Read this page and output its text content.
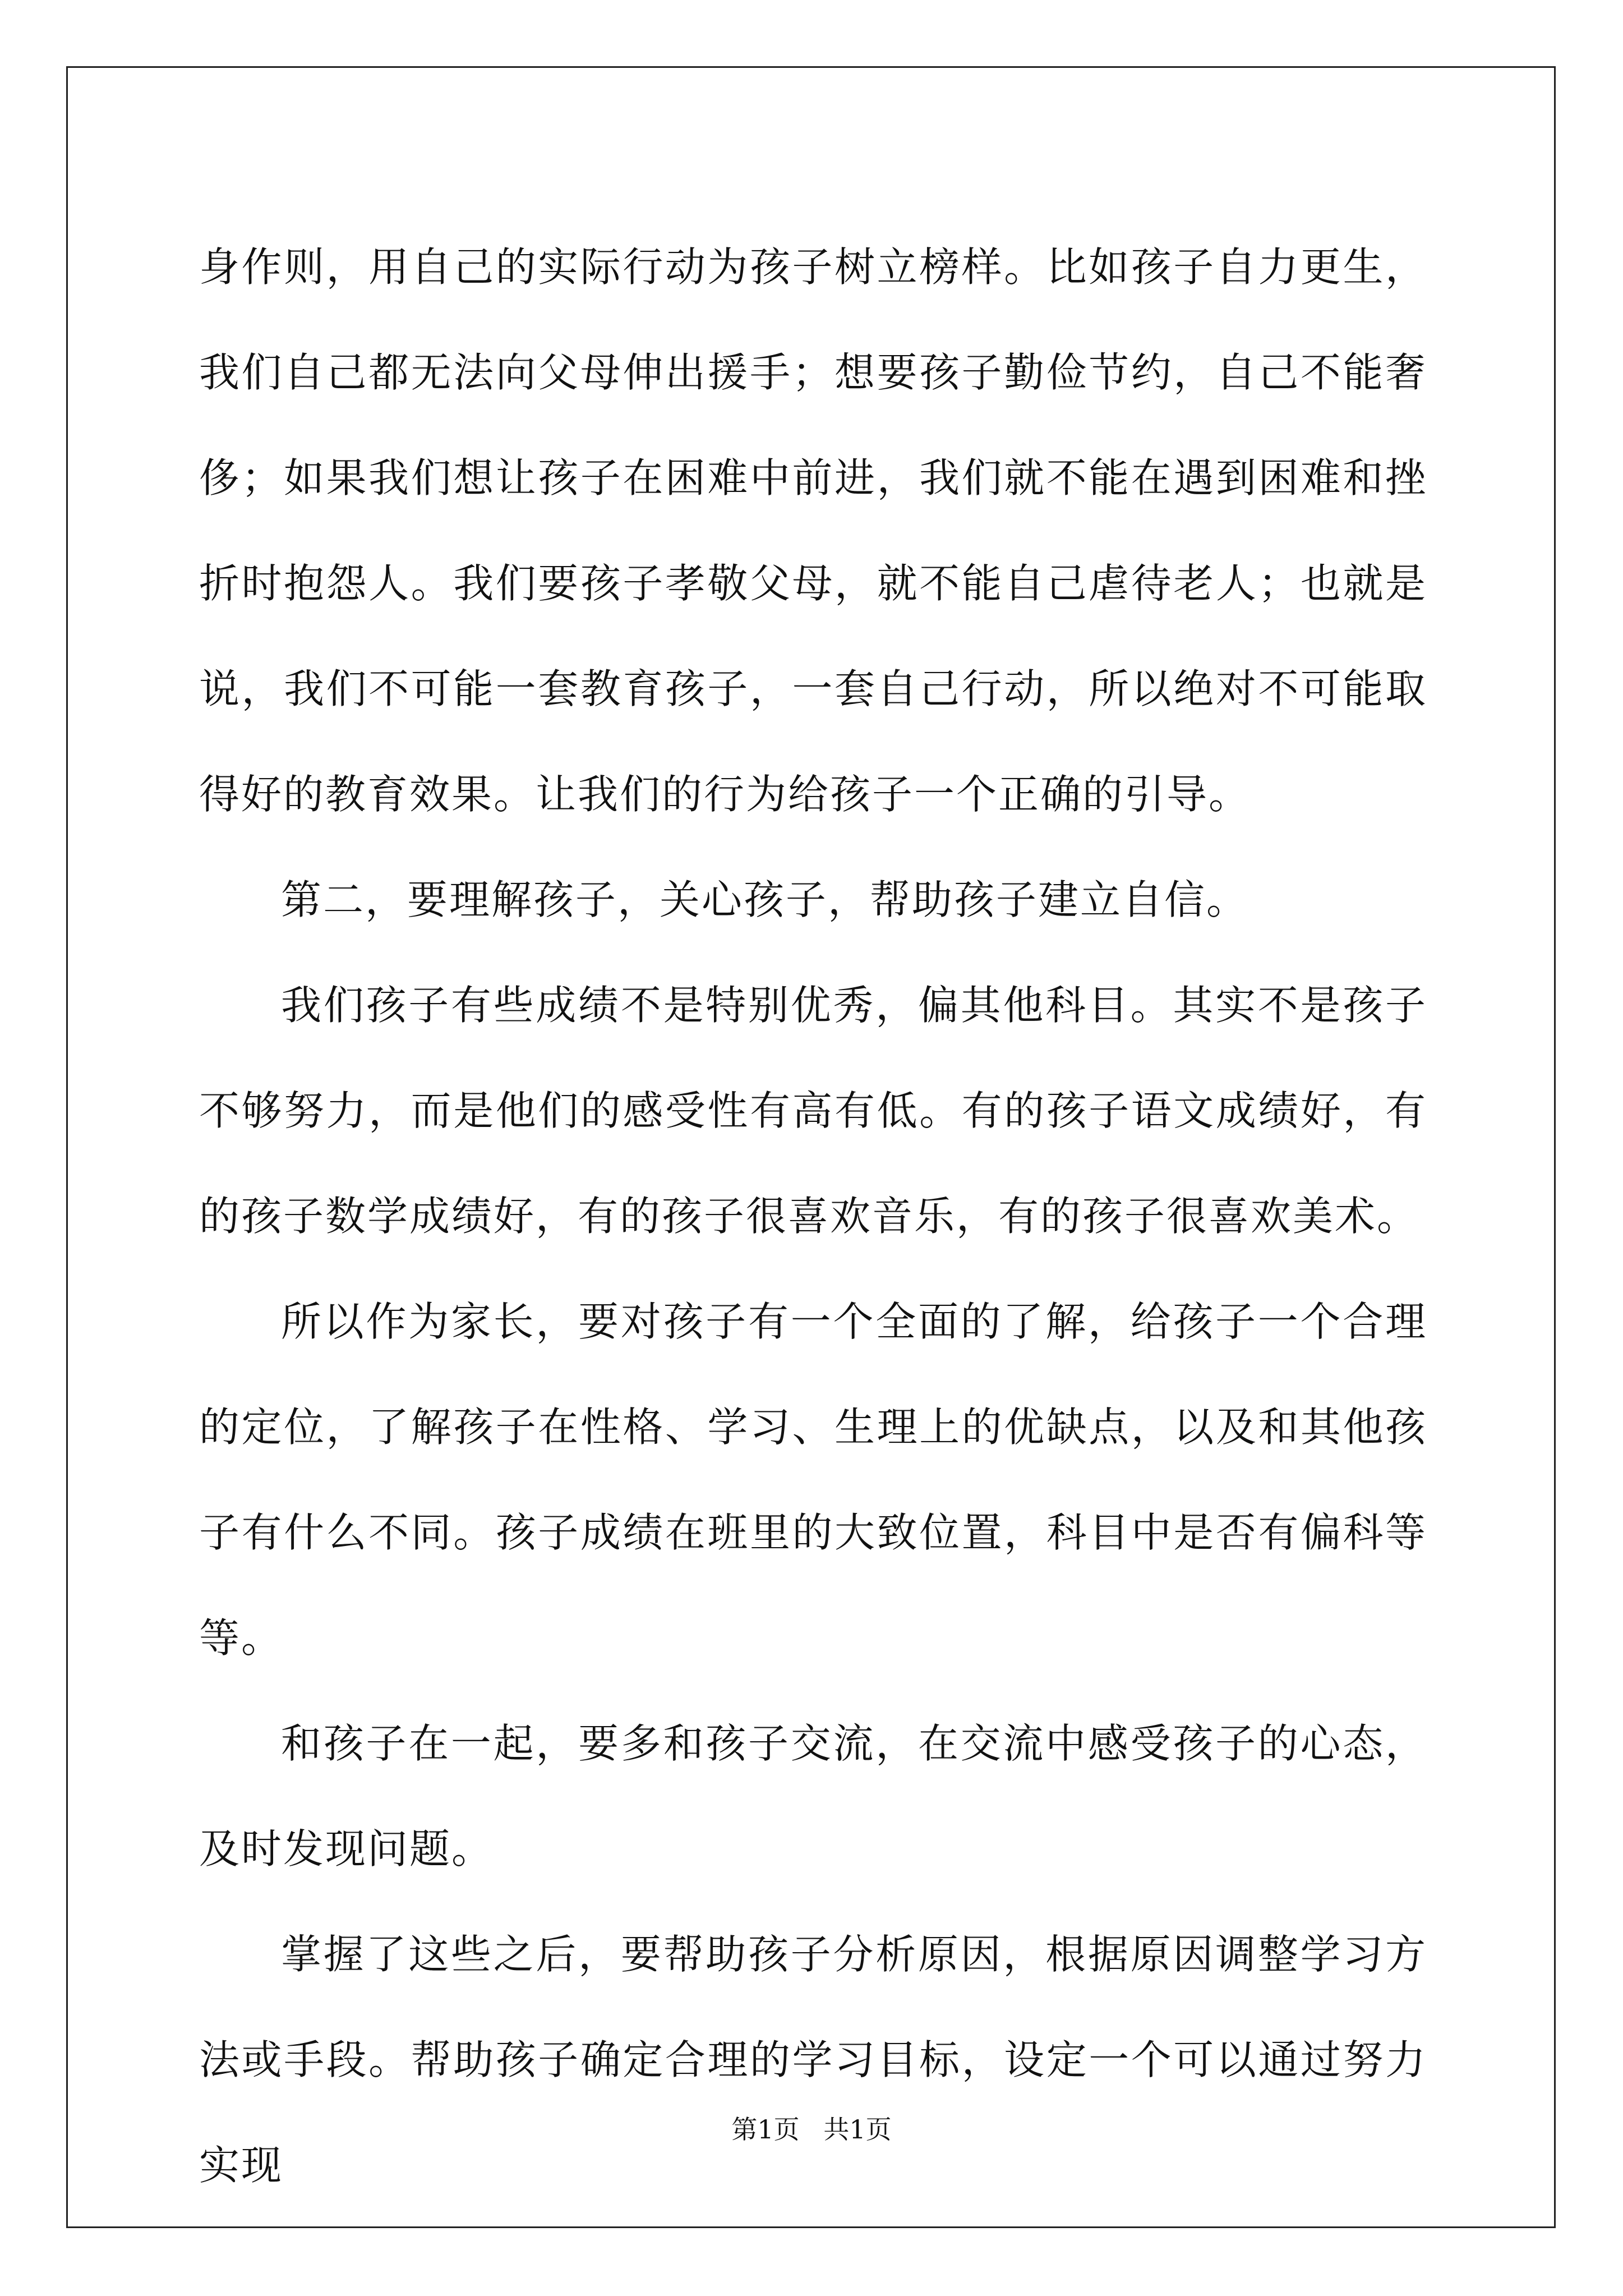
身作则，用自己的实际行动为孩子树立榜样。比如孩子自力更生，我们自己都无法向父母伸出援手；想要孩子勤俭节约，自己不能奢侈；如果我们想让孩子在困难中前进，我们就不能在遇到困难和挫折时抱怨人。我们要孩子孝敬父母，就不能自己虐待老人；也就是说，我们不可能一套教育孩子，一套自己行动，所以绝对不可能取得好的教育效果。让我们的行为给孩子一个正确的引导。

第二，要理解孩子，关心孩子，帮助孩子建立自信。

我们孩子有些成绩不是特别优秀，偏其他科目。其实不是孩子不够努力，而是他们的感受性有高有低。有的孩子语文成绩好，有的孩子数学成绩好，有的孩子很喜欢音乐，有的孩子很喜欢美术。

所以作为家长，要对孩子有一个全面的了解，给孩子一个合理的定位，了解孩子在性格、学习、生理上的优缺点，以及和其他孩子有什么不同。孩子成绩在班里的大致位置，科目中是否有偏科等等。

和孩子在一起，要多和孩子交流，在交流中感受孩子的心态，及时发现问题。

掌握了这些之后，要帮助孩子分析原因，根据原因调整学习方法或手段。帮助孩子确定合理的学习目标，设定一个可以通过努力实现

第1页 共1页
